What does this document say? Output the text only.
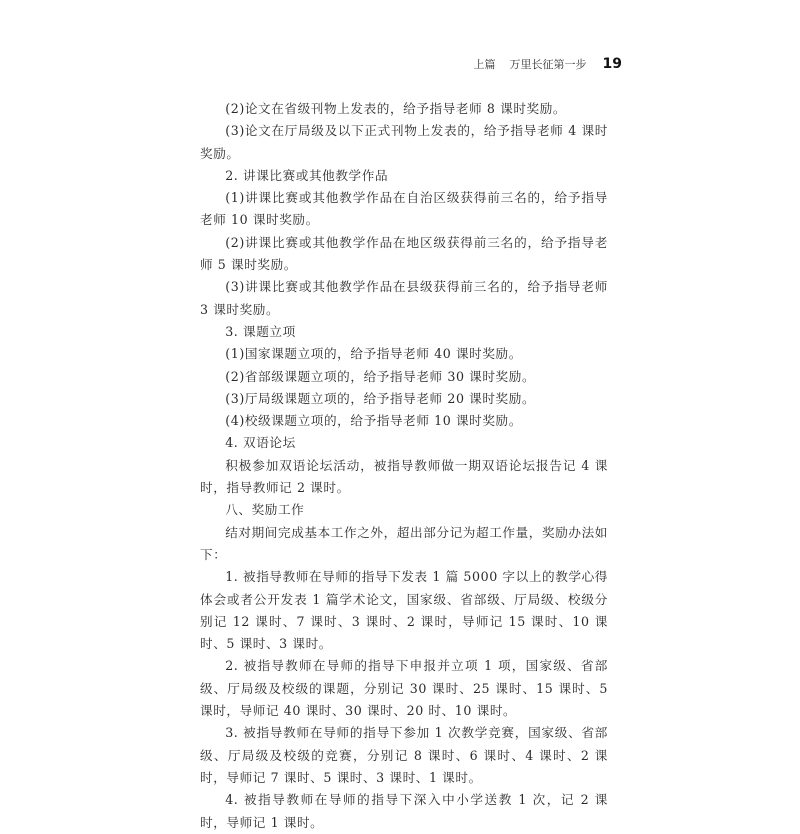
上篇 万里长征第一步 19

(2)论文在省级刊物上发表的，给予指导老师 8 课时奖励。

(3)论文在厅局级及以下正式刊物上发表的，给予指导老师 4 课时奖励。

2. 讲课比赛或其他教学作品

(1)讲课比赛或其他教学作品在自治区级获得前三名的，给予指导老师 10 课时奖励。

(2)讲课比赛或其他教学作品在地区级获得前三名的，给予指导老师 5 课时奖励。

(3)讲课比赛或其他教学作品在县级获得前三名的，给予指导老师 3 课时奖励。

3. 课题立项

(1)国家课题立项的，给予指导老师 40 课时奖励。

(2)省部级课题立项的，给予指导老师 30 课时奖励。

(3)厅局级课题立项的，给予指导老师 20 课时奖励。

(4)校级课题立项的，给予指导老师 10 课时奖励。

4. 双语论坛

积极参加双语论坛活动，被指导教师做一期双语论坛报告记 4 课时，指导教师记 2 课时。

八、奖励工作

结对期间完成基本工作之外，超出部分记为超工作量，奖励办法如下：

1. 被指导教师在导师的指导下发表 1 篇 5000 字以上的教学心得体会或者公开发表 1 篇学术论文，国家级、省部级、厅局级、校级分别记 12 课时、7 课时、3 课时、2 课时，导师记 15 课时、10 课时、5 课时、3 课时。

2. 被指导教师在导师的指导下申报并立项 1 项，国家级、省部级、厅局级及校级的课题，分别记 30 课时、25 课时、15 课时、5 课时，导师记 40 课时、30 课时、20 时、10 课时。

3. 被指导教师在导师的指导下参加 1 次教学竞赛，国家级、省部级、厅局级及校级的竞赛，分别记 8 课时、6 课时、4 课时、2 课时，导师记 7 课时、5 课时、3 课时、1 课时。

4. 被指导教师在导师的指导下深入中小学送教 1 次，记 2 课时，导师记 1 课时。
